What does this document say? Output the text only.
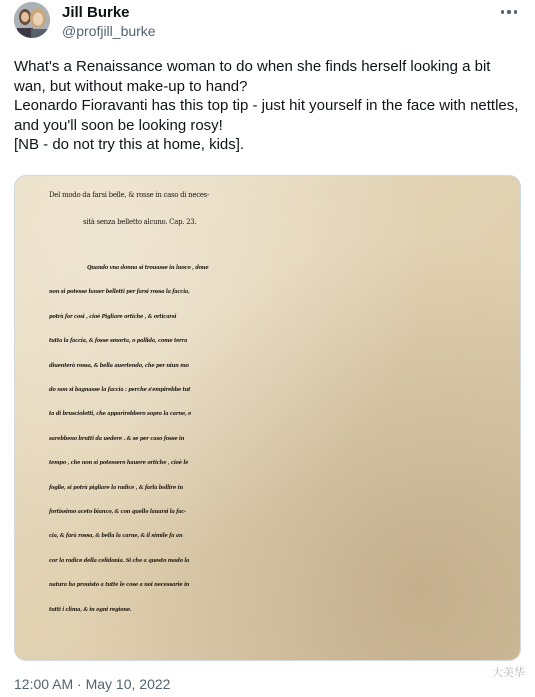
Jill Burke
@profjill_burke

What's a Renaissance woman to do when she finds herself looking a bit wan, but without make-up to hand?

Leonardo Fioravanti has this top tip - just hit yourself in the face with nettles, and you'll soon be looking rosy!

[NB - do not try this at home, kids].

Del modo da farsi belle, & rosse in caso di neces-

sità senza belletto alcuno. Cap. 23.

Quando vna donna si trouasse in luoco , doue

non si potesse hauer belletti per farsi rossa la faccia,

potrà far cosi , cioè Pigliare ortiche , & orticarsi

tutta la faccia, & fosse smorta, o pallida, come terra

diuenterà rossa, & bella auertendo, che per niun mo

do non si bagnasse la faccia : perche s'empirebbe tut

ta di bruscioletti, che apparirebbero sopra la carne, e

sarebbeno brutti da uedere . & se per caso fosse in

tempo , che non si potessero hauere ortiche , cioè le

foglie, si potrà pigliare la radice , & farla bollire in

fortissimo aceto bianco, & con quello lauarsi la fac-

cia, & farà rossa, & bella la carne, & il simile fa an

cor la radice della celidonia. Si che a questo modo la

natura ha prouisto a tutte le cose a noi necessarie in

tutti i clima, & in ogni regione.

12:00 AM · May 10, 2022
大美华
